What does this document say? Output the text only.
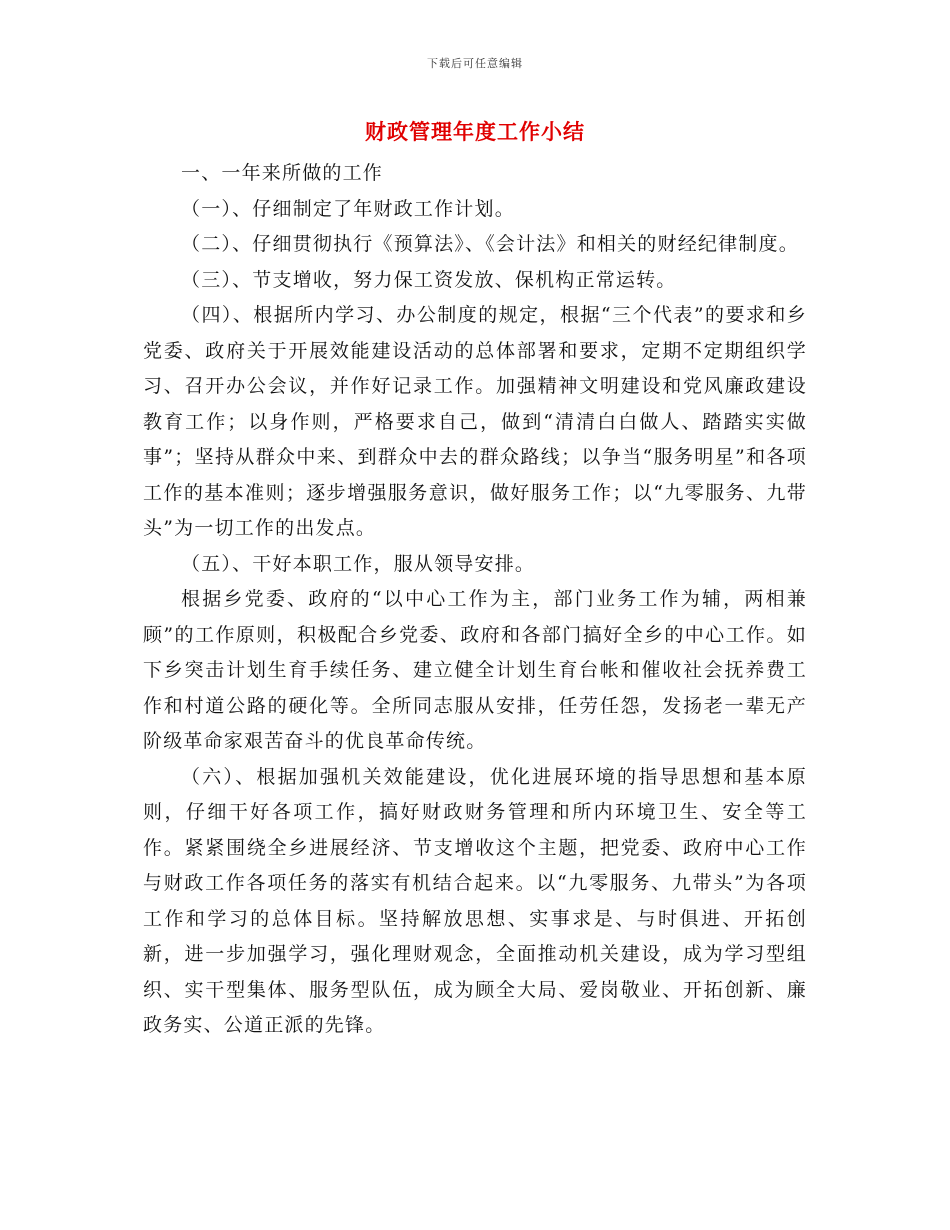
下载后可任意编辑
财政管理年度工作小结

一、一年来所做的工作

（一）、仔细制定了年财政工作计划。

（二）、仔细贯彻执行《预算法》、《会计法》和相关的财经纪律制度。

（三）、节支增收，努力保工资发放、保机构正常运转。

（四）、根据所内学习、办公制度的规定，根据“三个代表”的要求和乡党委、政府关于开展效能建设活动的总体部署和要求，定期不定期组织学习、召开办公会议，并作好记录工作。加强精神文明建设和党风廉政建设教育工作；以身作则，严格要求自己，做到“清清白白做人、踏踏实实做事”；坚持从群众中来、到群众中去的群众路线；以争当“服务明星”和各项工作的基本准则；逐步增强服务意识，做好服务工作；以“九零服务、九带头”为一切工作的出发点。

（五）、干好本职工作，服从领导安排。

根据乡党委、政府的“以中心工作为主，部门业务工作为辅，两相兼顾”的工作原则，积极配合乡党委、政府和各部门搞好全乡的中心工作。如下乡突击计划生育手续任务、建立健全计划生育台帐和催收社会抚养费工作和村道公路的硬化等。全所同志服从安排，任劳任怨，发扬老一辈无产阶级革命家艰苦奋斗的优良革命传统。

（六）、根据加强机关效能建设，优化进展环境的指导思想和基本原则，仔细干好各项工作，搞好财政财务管理和所内环境卫生、安全等工作。紧紧围绕全乡进展经济、节支增收这个主题，把党委、政府中心工作与财政工作各项任务的落实有机结合起来。以“九零服务、九带头”为各项工作和学习的总体目标。坚持解放思想、实事求是、与时俱进、开拓创新，进一步加强学习，强化理财观念，全面推动机关建设，成为学习型组织、实干型集体、服务型队伍，成为顾全大局、爱岗敬业、开拓创新、廉政务实、公道正派的先锋。
